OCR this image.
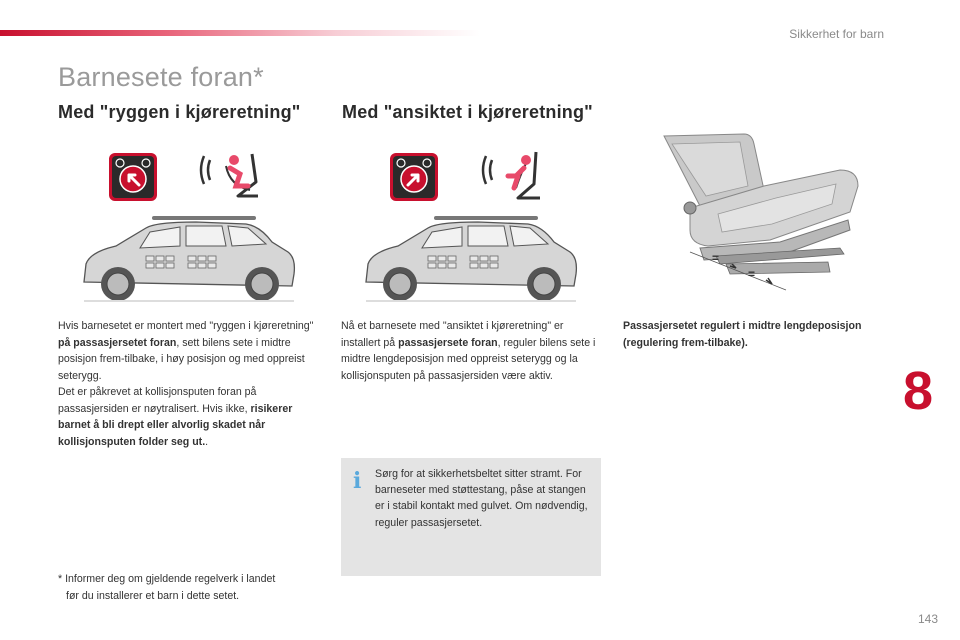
Sikkerhet for barn
Barnesete foran*
Med "ryggen i kjøreretning" Med "ansiktet i kjøreretning"
=
=
Hvis barnesetet er montert med "ryggen i kjøreretning" på passasjersetet foran, sett bilens sete i midtre posisjon frem-tilbake, i høy posisjon og med oppreist seterygg.
Det er påkrevet at kollisjonsputen foran på passasjersiden er nøytralisert. Hvis ikke, risikerer barnet å bli drept eller alvorlig skadet når kollisjonsputen folder seg ut..
Nå et barnesete med "ansiktet i kjøreretning" er installert på passasjersete foran, reguler bilens sete i midtre lengdeposisjon med oppreist seterygg og la kollisjonsputen på passasjersiden være aktiv.
Passasjersetet regulert i midtre lengdeposisjon (regulering frem-tilbake).
i Sørg for at sikkerhetsbeltet sitter stramt. For barneseter med støttestang, påse at stangen er i stabil kontakt med gulvet. Om nødvendig, reguler passasjersetet.
* Informer deg om gjeldende regelverk i landet
før du installerer et barn i dette setet.
8
143
